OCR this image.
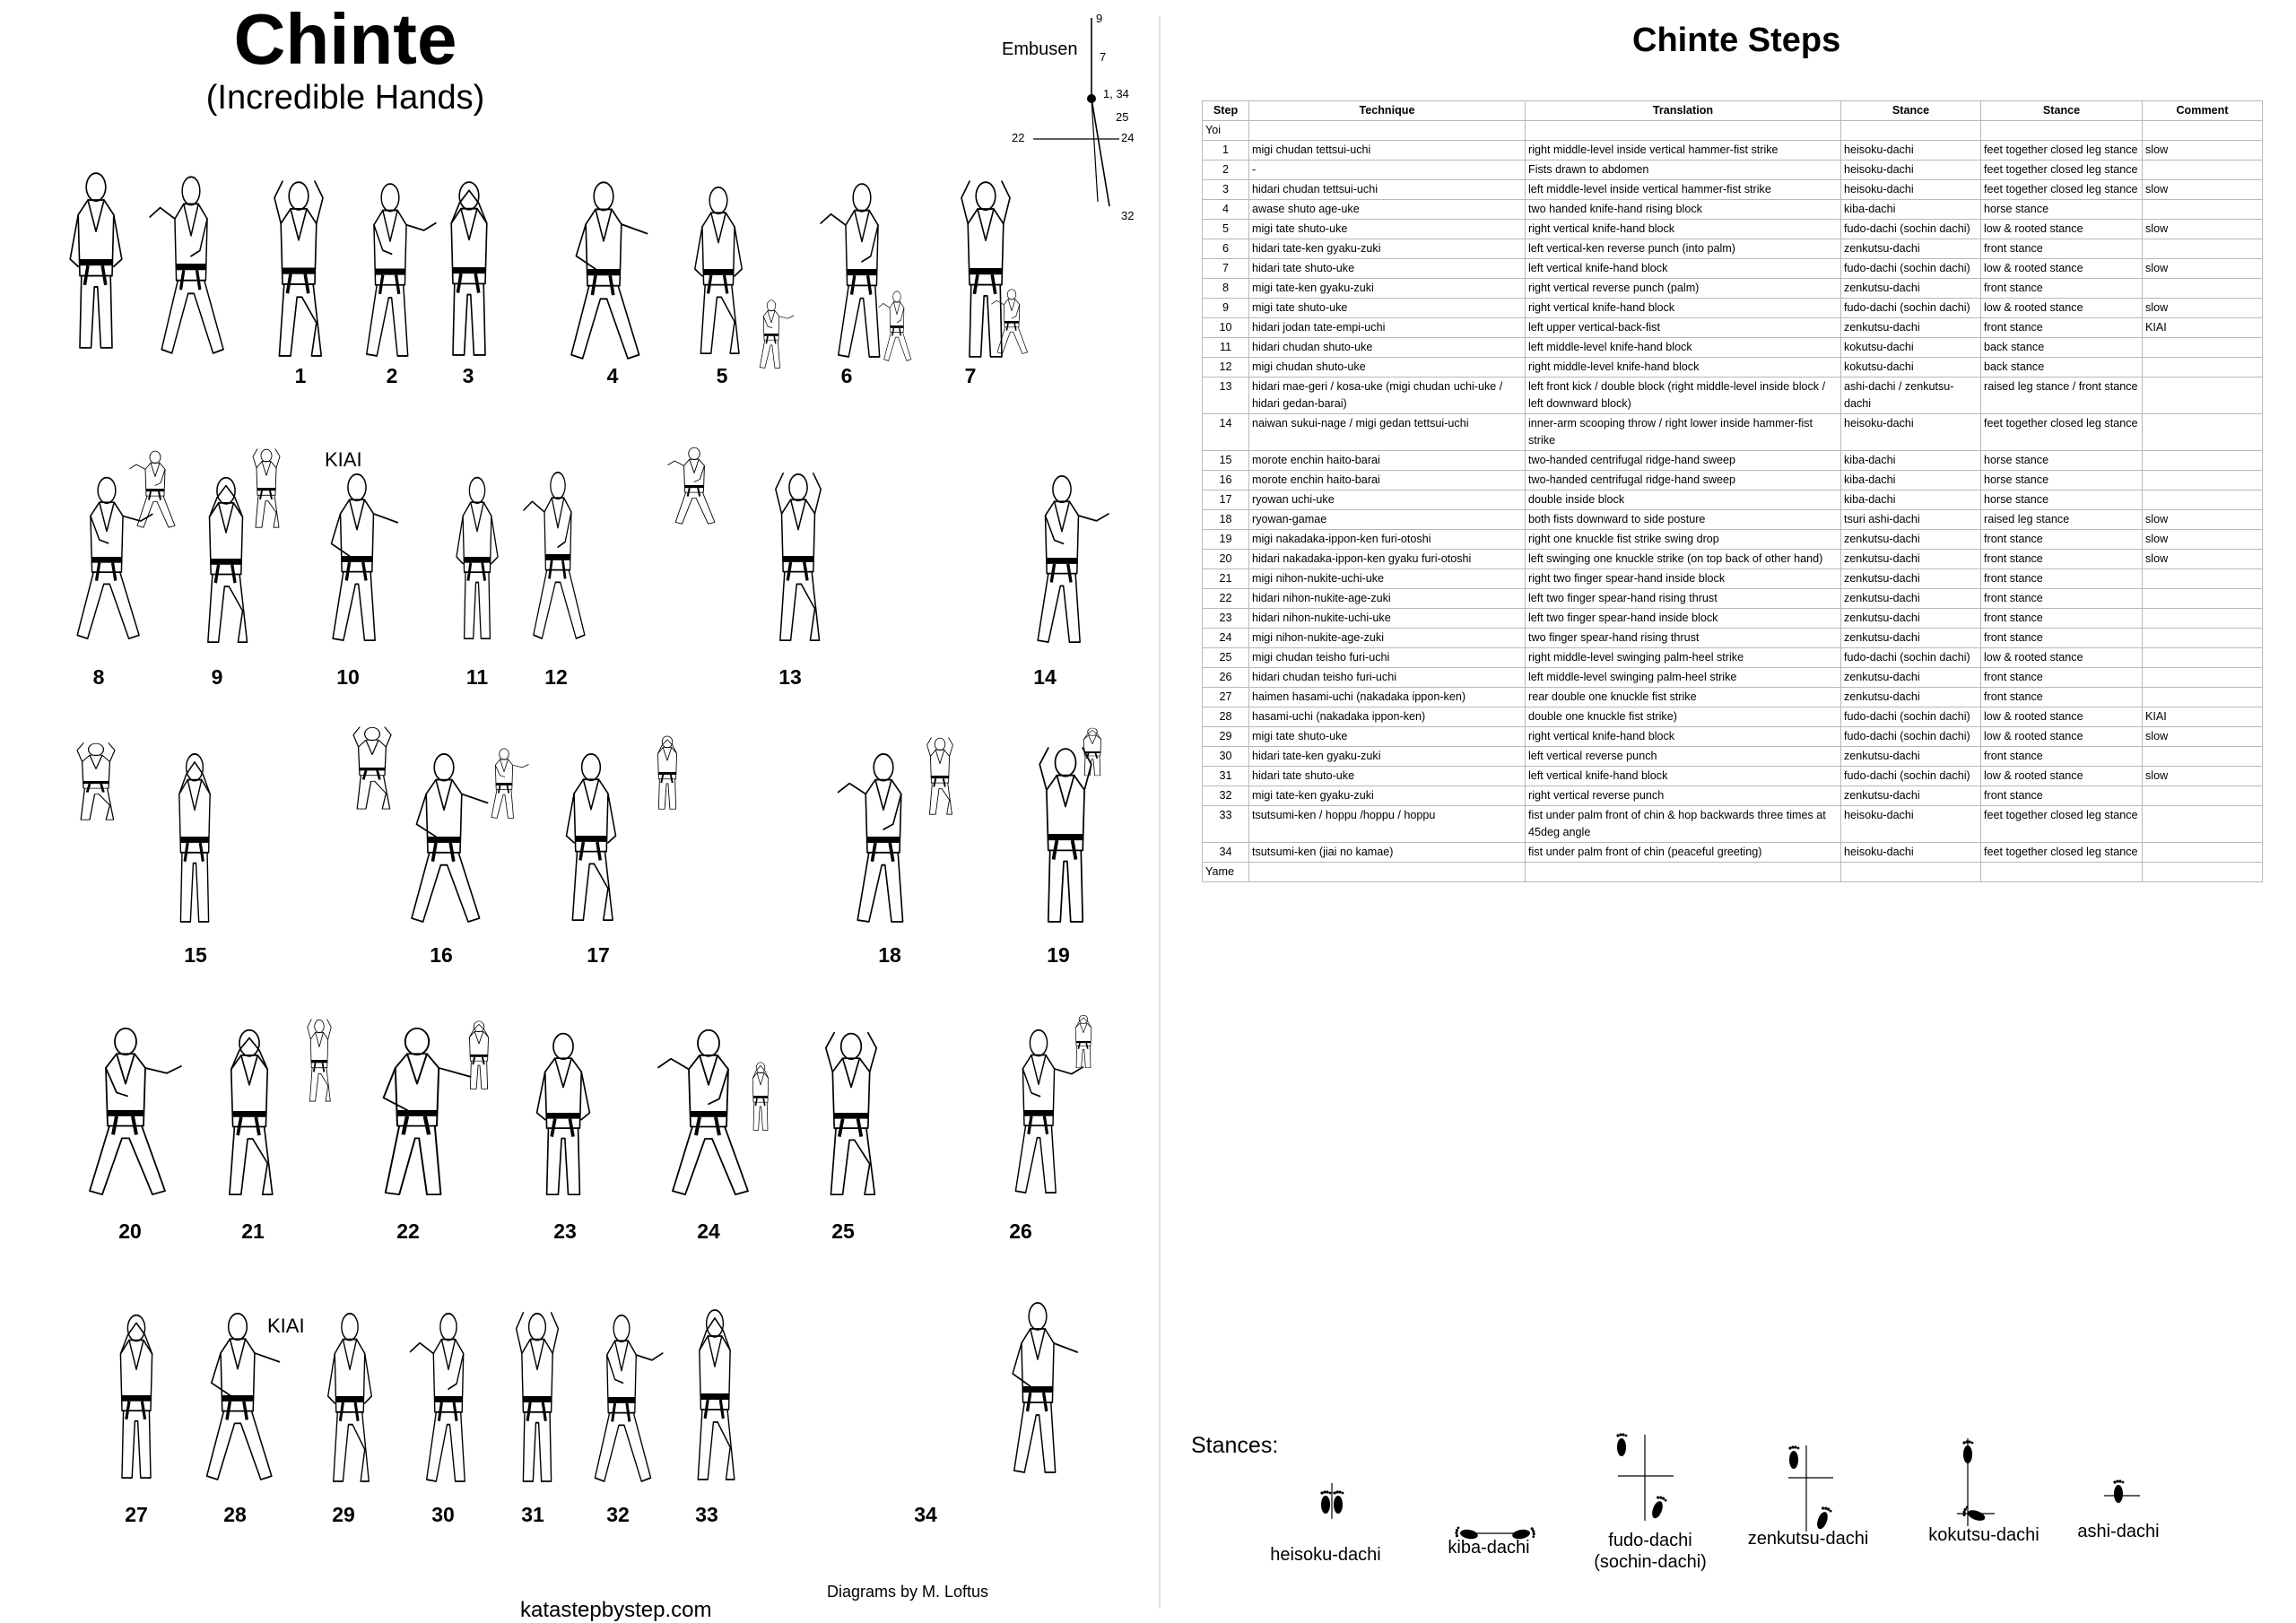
Chinte
(Incredible Hands)
Embusen
9
7
1, 34
25
24
22
32
1	2	3	4	5	6	7
8	9	10
KIAI
11	12	13	14
15	16	17	18	19
20	21	22	23	24	25	26
27	28
KIAI
29	30	31	32	33	34
Diagrams by M. Loftus
katastepbystep.com
Chinte Steps
Step	Technique	Translation	Stance	Stance	Comment
Yoi					
1	migi chudan tettsui-uchi	right middle-level inside vertical hammer-fist strike	heisoku-dachi	feet together closed leg stance	slow
2	-	Fists drawn to abdomen	heisoku-dachi	feet together closed leg stance	
3	hidari chudan tettsui-uchi	left middle-level inside vertical hammer-fist strike	heisoku-dachi	feet together closed leg stance	slow
4	awase shuto age-uke	two handed knife-hand rising block	kiba-dachi	horse stance	
5	migi tate shuto-uke	right vertical knife-hand block	fudo-dachi (sochin dachi)	low & rooted stance	slow
6	hidari tate-ken gyaku-zuki	left vertical-ken reverse punch (into palm)	zenkutsu-dachi	front stance	
7	hidari tate shuto-uke	left vertical knife-hand block	fudo-dachi (sochin dachi)	low & rooted stance	slow
8	migi tate-ken gyaku-zuki	right vertical reverse punch (palm)	zenkutsu-dachi	front stance	
9	migi tate shuto-uke	right vertical knife-hand block	fudo-dachi (sochin dachi)	low & rooted stance	slow
10	hidari jodan tate-empi-uchi	left upper vertical-back-fist	zenkutsu-dachi	front stance	KIAI
11	hidari chudan shuto-uke	left middle-level knife-hand block	kokutsu-dachi	back stance	
12	migi chudan shuto-uke	right middle-level knife-hand block	kokutsu-dachi	back stance	
13	hidari mae-geri / kosa-uke (migi chudan uchi-uke / hidari gedan-barai)	left front kick / double block (right middle-level inside block / left downward block)	ashi-dachi / zenkutsu-dachi	raised leg stance / front stance	
14	naiwan sukui-nage / migi gedan tettsui-uchi	inner-arm scooping throw / right lower inside hammer-fist strike	heisoku-dachi	feet together closed leg stance	
15	morote enchin haito-barai	two-handed centrifugal ridge-hand sweep	kiba-dachi	horse stance	
16	morote enchin haito-barai	two-handed centrifugal ridge-hand sweep	kiba-dachi	horse stance	
17	ryowan uchi-uke	double inside block	kiba-dachi	horse stance	
18	ryowan-gamae	both fists downward to side posture	tsuri ashi-dachi	raised leg stance	slow
19	migi nakadaka-ippon-ken furi-otoshi	right one knuckle fist strike swing drop	zenkutsu-dachi	front stance	slow
20	hidari nakadaka-ippon-ken gyaku furi-otoshi	left swinging one knuckle strike (on top back of other hand)	zenkutsu-dachi	front stance	slow
21	migi nihon-nukite-uchi-uke	right two finger spear-hand inside block	zenkutsu-dachi	front stance	
22	hidari nihon-nukite-age-zuki	left two finger spear-hand rising thrust	zenkutsu-dachi	front stance	
23	hidari nihon-nukite-uchi-uke	left two finger spear-hand inside block	zenkutsu-dachi	front stance	
24	migi nihon-nukite-age-zuki	two finger spear-hand rising thrust	zenkutsu-dachi	front stance	
25	migi chudan teisho furi-uchi	right middle-level swinging palm-heel strike	fudo-dachi (sochin dachi)	low & rooted stance	
26	hidari chudan teisho furi-uchi	left middle-level swinging palm-heel strike	zenkutsu-dachi	front stance	
27	haimen hasami-uchi (nakadaka ippon-ken)	rear double one knuckle fist strike	zenkutsu-dachi	front stance	
28	hasami-uchi (nakadaka ippon-ken)	double one knuckle fist strike)	fudo-dachi (sochin dachi)	low & rooted stance	KIAI
29	migi tate shuto-uke	right vertical knife-hand block	fudo-dachi (sochin dachi)	low & rooted stance	slow
30	hidari tate-ken gyaku-zuki	left vertical reverse punch	zenkutsu-dachi	front stance	
31	hidari tate shuto-uke	left vertical knife-hand block	fudo-dachi (sochin dachi)	low & rooted stance	slow
32	migi tate-ken gyaku-zuki	right vertical reverse punch	zenkutsu-dachi	front stance	
33	tsutsumi-ken / hoppu /hoppu / hoppu	fist under palm front of chin & hop backwards three times at 45deg angle	heisoku-dachi	feet together closed leg stance	
34	tsutsumi-ken (jiai no kamae)	fist under palm front of chin (peaceful greeting)	heisoku-dachi	feet together closed leg stance	
Yame					
Stances:
heisoku-dachi	kiba-dachi	fudo-dachi
(sochin-dachi)
zenkutsu-dachi	kokutsu-dachi	ashi-dachi
